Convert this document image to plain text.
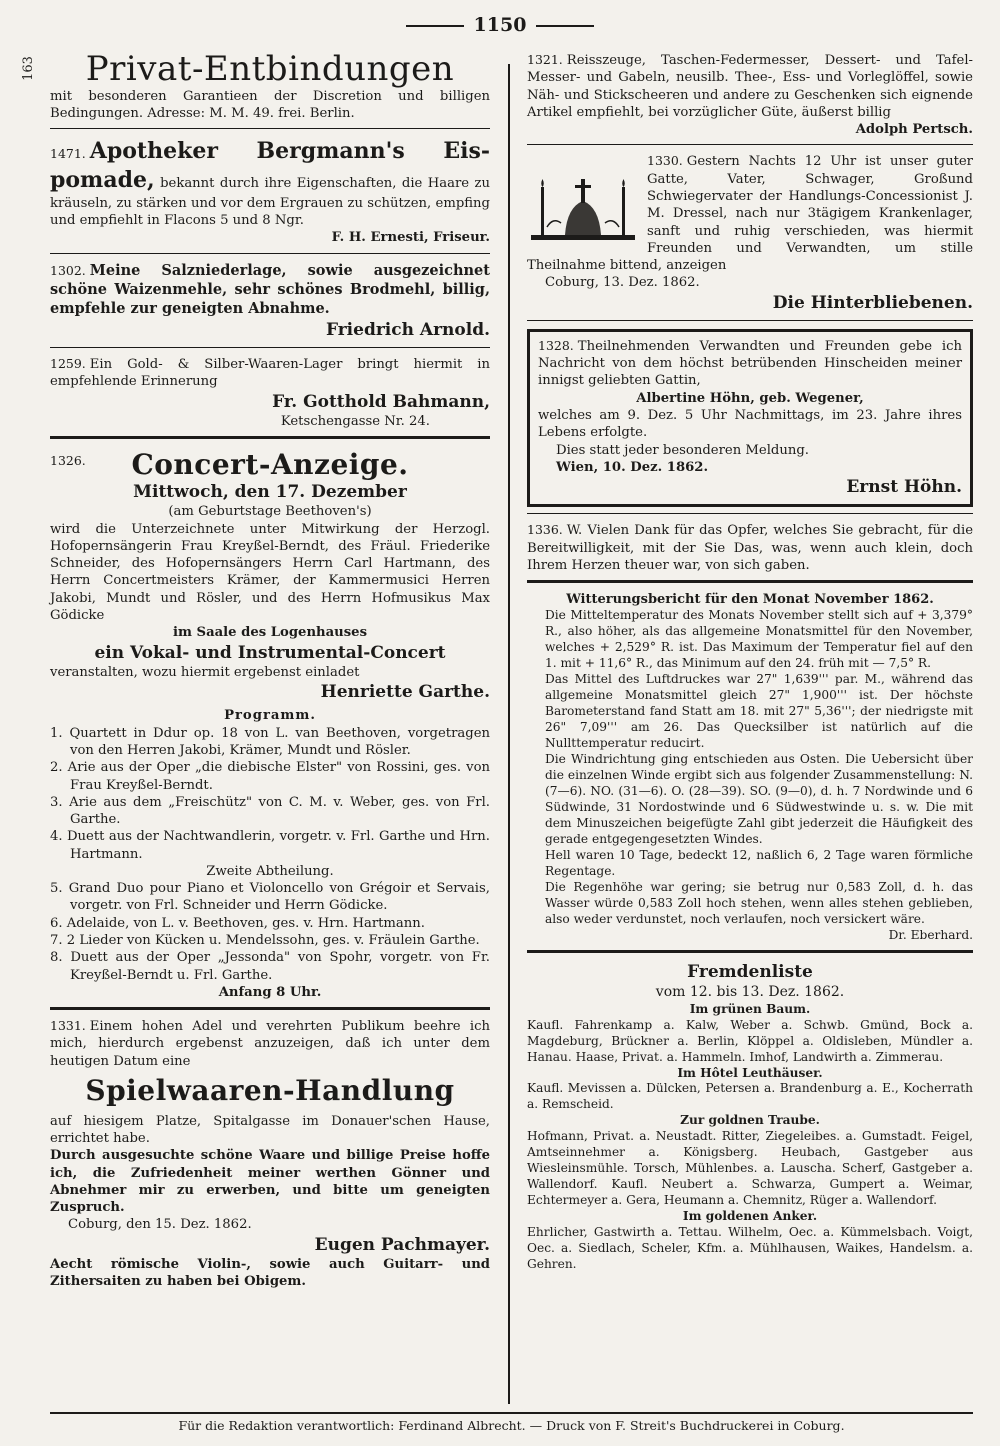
1150
163	Privat-Entbindungen

mit besonderen Garantieen der Discretion und billigen Bedingungen. Adresse: M. M. 49. frei. Berlin.

1471. Apotheker Bergmann's Eis-pomade, bekannt durch ihre Eigenschaften, die Haare zu kräuseln, zu stärken und vor dem Ergrauen zu schützen, empfing und empfiehlt in Flacons 5 und 8 Ngr.

F. H. Ernesti, Friseur.

1302. Meine Salzniederlage, sowie ausgezeichnet schöne Waizenmehle, sehr schönes Brodmehl, billig, empfehle zur geneigten Abnahme.

Friedrich Arnold.

1259. Ein Gold- & Silber-Waaren-Lager bringt hiermit in empfehlende Erinnerung

Fr. Gotthold Bahmann,

Ketschengasse Nr. 24.

1326.	Concert-Anzeige.

Mittwoch, den 17. Dezember

(am Geburtstage Beethoven's)

wird die Unterzeichnete unter Mitwirkung der Herzogl. Hofopernsängerin Frau Kreyßel-Berndt, des Fräul. Friederike Schneider, des Hofopernsängers Herrn Carl Hartmann, des Herrn Concertmeisters Krämer, der Kammermusici Herren Jakobi, Mundt und Rösler, und des Herrn Hofmusikus Max Gödicke

im Saale des Logenhauses

ein Vokal- und Instrumental-Concert

veranstalten, wozu hiermit ergebenst einladet

Henriette Garthe.

Programm.

1. Quartett in Ddur op. 18 von L. van Beethoven, vorgetragen von den Herren Jakobi, Krämer, Mundt und Rösler.
2. Arie aus der Oper „die diebische Elster" von Rossini, ges. von Frau Kreyßel-Berndt.
3. Arie aus dem „Freischütz" von C. M. v. Weber, ges. von Frl. Garthe.
4. Duett aus der Nachtwandlerin, vorgetr. v. Frl. Garthe und Hrn. Hartmann.

Zweite Abtheilung.

5. Grand Duo pour Piano et Violoncello von Grégoir et Servais, vorgetr. von Frl. Schneider und Herrn Gödicke.
6. Adelaide, von L. v. Beethoven, ges. v. Hrn. Hartmann.
7. 2 Lieder von Kücken u. Mendelssohn, ges. v. Fräulein Garthe.
8. Duett aus der Oper „Jessonda" von Spohr, vorgetr. von Fr. Kreyßel-Berndt u. Frl. Garthe.

Anfang 8 Uhr.

1331. Einem hohen Adel und verehrten Publikum beehre ich mich, hierdurch ergebenst anzuzeigen, daß ich unter dem heutigen Datum eine

Spielwaaren-Handlung

auf hiesigem Platze, Spitalgasse im Donauer'schen Hause, errichtet habe.

Durch ausgesuchte schöne Waare und billige Preise hoffe ich, die Zufriedenheit meiner werthen Gönner und Abnehmer mir zu erwerben, und bitte um geneigten Zuspruch.

Coburg, den 15. Dez. 1862.

Eugen Pachmayer.

Aecht römische Violin-, sowie auch Guitarr- und Zithersaiten zu haben bei Obigem.

1321. Reisszeuge, Taschen-Federmesser, Dessert- und Tafel-Messer- und Gabeln, neusilb. Thee-, Ess- und Vorleglöffel, sowie Näh- und Stickscheeren und andere zu Geschenken sich eignende Artikel empfiehlt, bei vorzüglicher Güte, äußerst billig

Adolph Pertsch.

1330. Gestern Nachts 12 Uhr ist unser guter Gatte, Vater, Schwager, Großund Schwiegervater der Handlungs-Concessionist J. M. Dressel, nach nur 3tägigem Krankenlager, sanft und ruhig verschieden, was hiermit Freunden und Verwandten, um stille Theilnahme bittend, anzeigen

Coburg, 13. Dez. 1862.

Die Hinterbliebenen.

1328. Theilnehmenden Verwandten und Freunden gebe ich Nachricht von dem höchst betrübenden Hinscheiden meiner innigst geliebten Gattin,

Albertine Höhn, geb. Wegener,

welches am 9. Dez. 5 Uhr Nachmittags, im 23. Jahre ihres Lebens erfolgte.

Dies statt jeder besonderen Meldung.

Wien, 10. Dez. 1862.

Ernst Höhn.

1336. W. Vielen Dank für das Opfer, welches Sie gebracht, für die Bereitwilligkeit, mit der Sie Das, was, wenn auch klein, doch Ihrem Herzen theuer war, von sich gaben.

Witterungsbericht für den Monat November 1862.

Die Mitteltemperatur des Monats November stellt sich auf + 3,379° R., also höher, als das allgemeine Monatsmittel für den November, welches + 2,529° R. ist. Das Maximum der Temperatur fiel auf den 1. mit + 11,6° R., das Minimum auf den 24. früh mit — 7,5° R.

Das Mittel des Luftdruckes war 27" 1,639''' par. M., während das allgemeine Monatsmittel gleich 27" 1,900''' ist. Der höchste Barometerstand fand Statt am 18. mit 27" 5,36'''; der niedrigste mit 26" 7,09''' am 26. Das Quecksilber ist natürlich auf die Nullttemperatur reducirt.

Die Windrichtung ging entschieden aus Osten. Die Uebersicht über die einzelnen Winde ergibt sich aus folgender Zusammenstellung: N. (7—6). NO. (31—6). O. (28—39). SO. (9—0), d. h. 7 Nordwinde und 6 Südwinde, 31 Nordostwinde und 6 Südwestwinde u. s. w. Die mit dem Minuszeichen beigefügte Zahl gibt jederzeit die Häufigkeit des gerade entgegengesetzten Windes.

Hell waren 10 Tage, bedeckt 12, naßlich 6, 2 Tage waren förmliche Regentage.

Die Regenhöhe war gering; sie betrug nur 0,583 Zoll, d. h. das Wasser würde 0,583 Zoll hoch stehen, wenn alles stehen geblieben, also weder verdunstet, noch verlaufen, noch versickert wäre.

Dr. Eberhard.

Fremdenliste

vom 12. bis 13. Dez. 1862.

Im grünen Baum.

Kaufl. Fahrenkamp a. Kalw, Weber a. Schwb. Gmünd, Bock a. Magdeburg, Brückner a. Berlin, Klöppel a. Oldisleben, Mündler a. Hanau. Haase, Privat. a. Hammeln. Imhof, Landwirth a. Zimmerau.

Im Hôtel Leuthäuser.

Kaufl. Mevissen a. Dülcken, Petersen a. Brandenburg a. E., Kocherrath a. Remscheid.

Zur goldnen Traube.

Hofmann, Privat. a. Neustadt. Ritter, Ziegeleibes. a. Gumstadt. Feigel, Amtseinnehmer a. Königsberg. Heubach, Gastgeber aus Wiesleinsmühle. Torsch, Mühlenbes. a. Lauscha. Scherf, Gastgeber a. Wallendorf. Kaufl. Neubert a. Schwarza, Gumpert a. Weimar, Echtermeyer a. Gera, Heumann a. Chemnitz, Rüger a. Wallendorf.

Im goldenen Anker.

Ehrlicher, Gastwirth a. Tettau. Wilhelm, Oec. a. Kümmelsbach. Voigt, Oec. a. Siedlach, Scheler, Kfm. a. Mühlhausen, Waikes, Handelsm. a. Gehren.

Für die Redaktion verantwortlich: Ferdinand Albrecht. — Druck von F. Streit's Buchdruckerei in Coburg.
